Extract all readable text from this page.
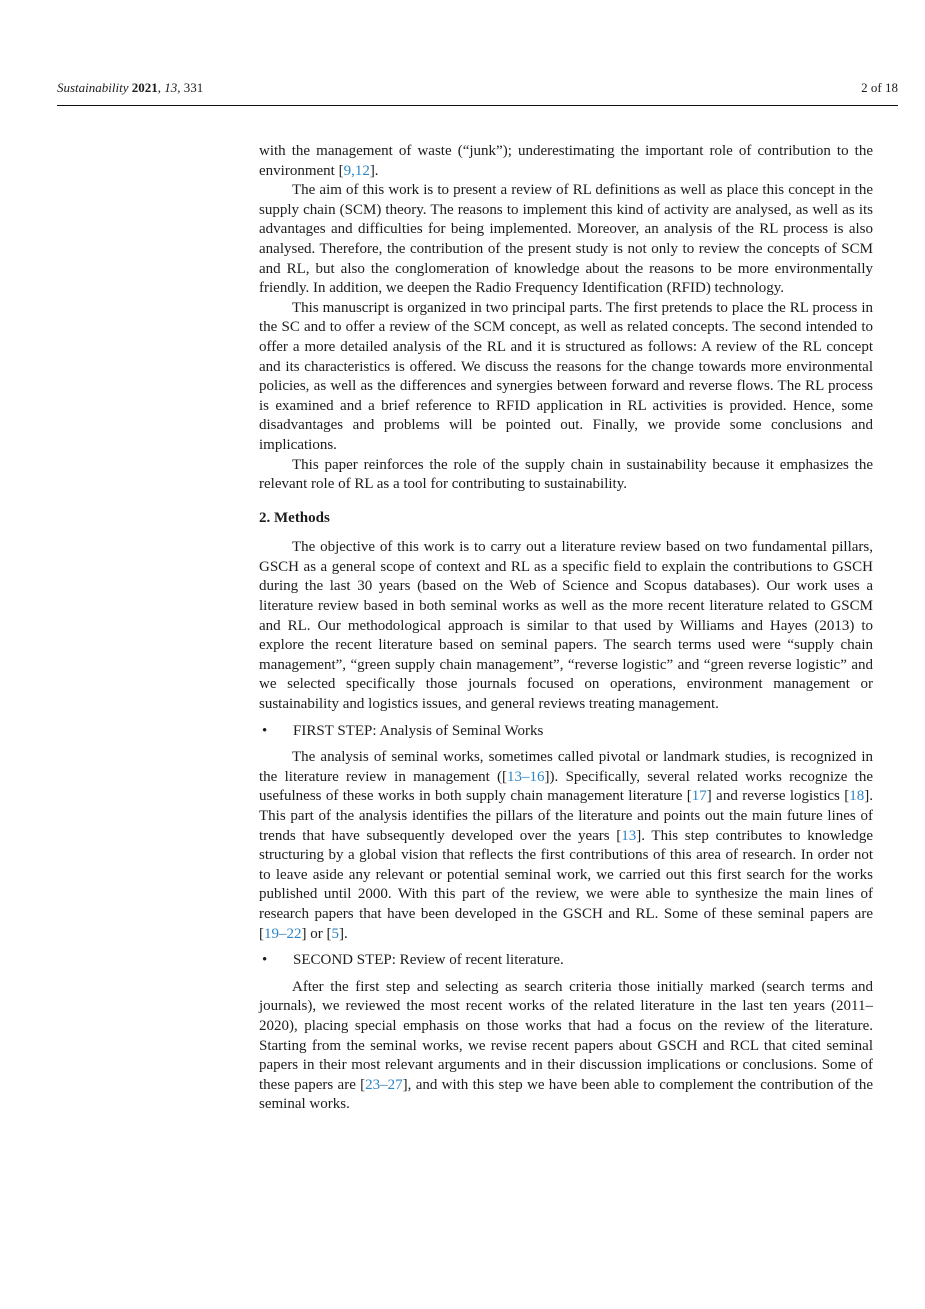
Sustainability 2021, 13, 331	2 of 18

with the management of waste (“junk”); underestimating the important role of contribution to the environment [9,12].

The aim of this work is to present a review of RL definitions as well as place this concept in the supply chain (SCM) theory. The reasons to implement this kind of activity are analysed, as well as its advantages and difficulties for being implemented. Moreover, an analysis of the RL process is also analysed. Therefore, the contribution of the present study is not only to review the concepts of SCM and RL, but also the conglomeration of knowledge about the reasons to be more environmentally friendly. In addition, we deepen the Radio Frequency Identification (RFID) technology.

This manuscript is organized in two principal parts. The first pretends to place the RL process in the SC and to offer a review of the SCM concept, as well as related concepts. The second intended to offer a more detailed analysis of the RL and it is structured as follows: A review of the RL concept and its characteristics is offered. We discuss the reasons for the change towards more environmental policies, as well as the differences and synergies between forward and reverse flows. The RL process is examined and a brief reference to RFID application in RL activities is provided. Hence, some disadvantages and problems will be pointed out. Finally, we provide some conclusions and implications.

This paper reinforces the role of the supply chain in sustainability because it emphasizes the relevant role of RL as a tool for contributing to sustainability.

2. Methods

The objective of this work is to carry out a literature review based on two fundamental pillars, GSCH as a general scope of context and RL as a specific field to explain the contributions to GSCH during the last 30 years (based on the Web of Science and Scopus databases). Our work uses a literature review based in both seminal works as well as the more recent literature related to GSCM and RL. Our methodological approach is similar to that used by Williams and Hayes (2013) to explore the recent literature based on seminal papers. The search terms used were “supply chain management”, “green supply chain management”, “reverse logistic” and “green reverse logistic” and we selected specifically those journals focused on operations, environment management or sustainability and logistics issues, and general reviews treating management.

• FIRST STEP: Analysis of Seminal Works

The analysis of seminal works, sometimes called pivotal or landmark studies, is recognized in the literature review in management ([13–16]). Specifically, several related works recognize the usefulness of these works in both supply chain management literature [17] and reverse logistics [18]. This part of the analysis identifies the pillars of the literature and points out the main future lines of trends that have subsequently developed over the years [13]. This step contributes to knowledge structuring by a global vision that reflects the first contributions of this area of research. In order not to leave aside any relevant or potential seminal work, we carried out this first search for the works published until 2000. With this part of the review, we were able to synthesize the main lines of research papers that have been developed in the GSCH and RL. Some of these seminal papers are [19–22] or [5].

• SECOND STEP: Review of recent literature.

After the first step and selecting as search criteria those initially marked (search terms and journals), we reviewed the most recent works of the related literature in the last ten years (2011–2020), placing special emphasis on those works that had a focus on the review of the literature. Starting from the seminal works, we revise recent papers about GSCH and RCL that cited seminal papers in their most relevant arguments and in their discussion implications or conclusions. Some of these papers are [23–27], and with this step we have been able to complement the contribution of the seminal works.
